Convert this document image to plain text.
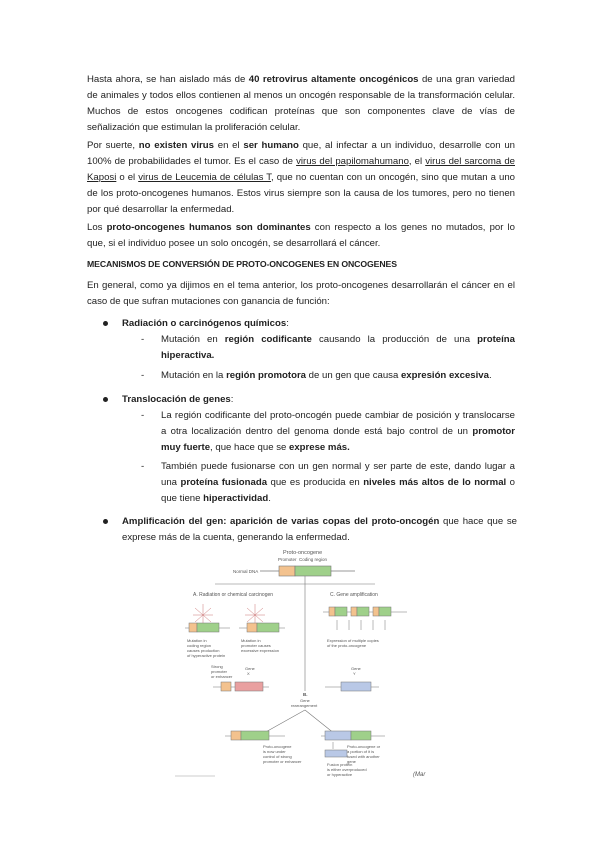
Hasta ahora, se han aislado más de 40 retrovirus altamente oncogénicos de una gran variedad de animales y todos ellos contienen al menos un oncogén responsable de la transformación celular. Muchos de estos oncogenes codifican proteínas que son componentes clave de vías de señalización que estimulan la proliferación celular.

Por suerte, no existen virus en el ser humano que, al infectar a un individuo, desarrolle con un 100% de probabilidades el tumor. Es el caso de virus del papilomahumano, el virus del sarcoma de Kaposi o el virus de Leucemia de células T, que no cuentan con un oncogén, sino que mutan a uno de los proto-oncogenes humanos. Estos virus siempre son la causa de los tumores, pero no tienen por qué desarrollar la enfermedad.

Los proto-oncogenes humanos son dominantes con respecto a los genes no mutados, por lo que, si el individuo posee un solo oncogén, se desarrollará el cáncer.

MECANISMOS DE CONVERSIÓN DE PROTO-ONCOGENES EN ONCOGENES

En general, como ya dijimos en el tema anterior, los proto-oncogenes desarrollarán el cáncer en el caso de que sufran mutaciones con ganancia de función:

Radiación o carcinógenos químicos:
- Mutación en región codificante causando la producción de una proteína hiperactiva.

- Mutación en la región promotora de un gen que causa expresión excesiva.

Translocación de genes:
- La región codificante del proto-oncogén puede cambiar de posición y translocarse a otra localización dentro del genoma donde está bajo control de un promotor muy fuerte, que hace que se exprese más.

- También puede fusionarse con un gen normal y ser parte de este, dando lugar a una proteína fusionada que es producida en niveles más altos de lo normal o que tiene hiperactividad.

Amplificación del gen: aparición de varias copas del proto-oncogén que hace que se exprese más de la cuenta, generando la enfermedad.

Proto-oncogene
Promoter Coding region
Normal DNA
A. Radiation or chemical carcinogen
Mutation in
coding region
causes production
of hyperactive protein
Mutation in
promoter causes
excessive expression
C. Gene amplification
Expression of multiple copies
of the proto-oncogene
Strong
promoter
or enhancer
Gene
X
Gene
Y
B.
Gene
rearrangement
Proto-oncogene
is now under
control of strong
promoter or enhancer
Proto-oncogene or
a portion of it is
fused with another
gene
Fusion protein
is either overproduced
or hyperactive	(Mar
